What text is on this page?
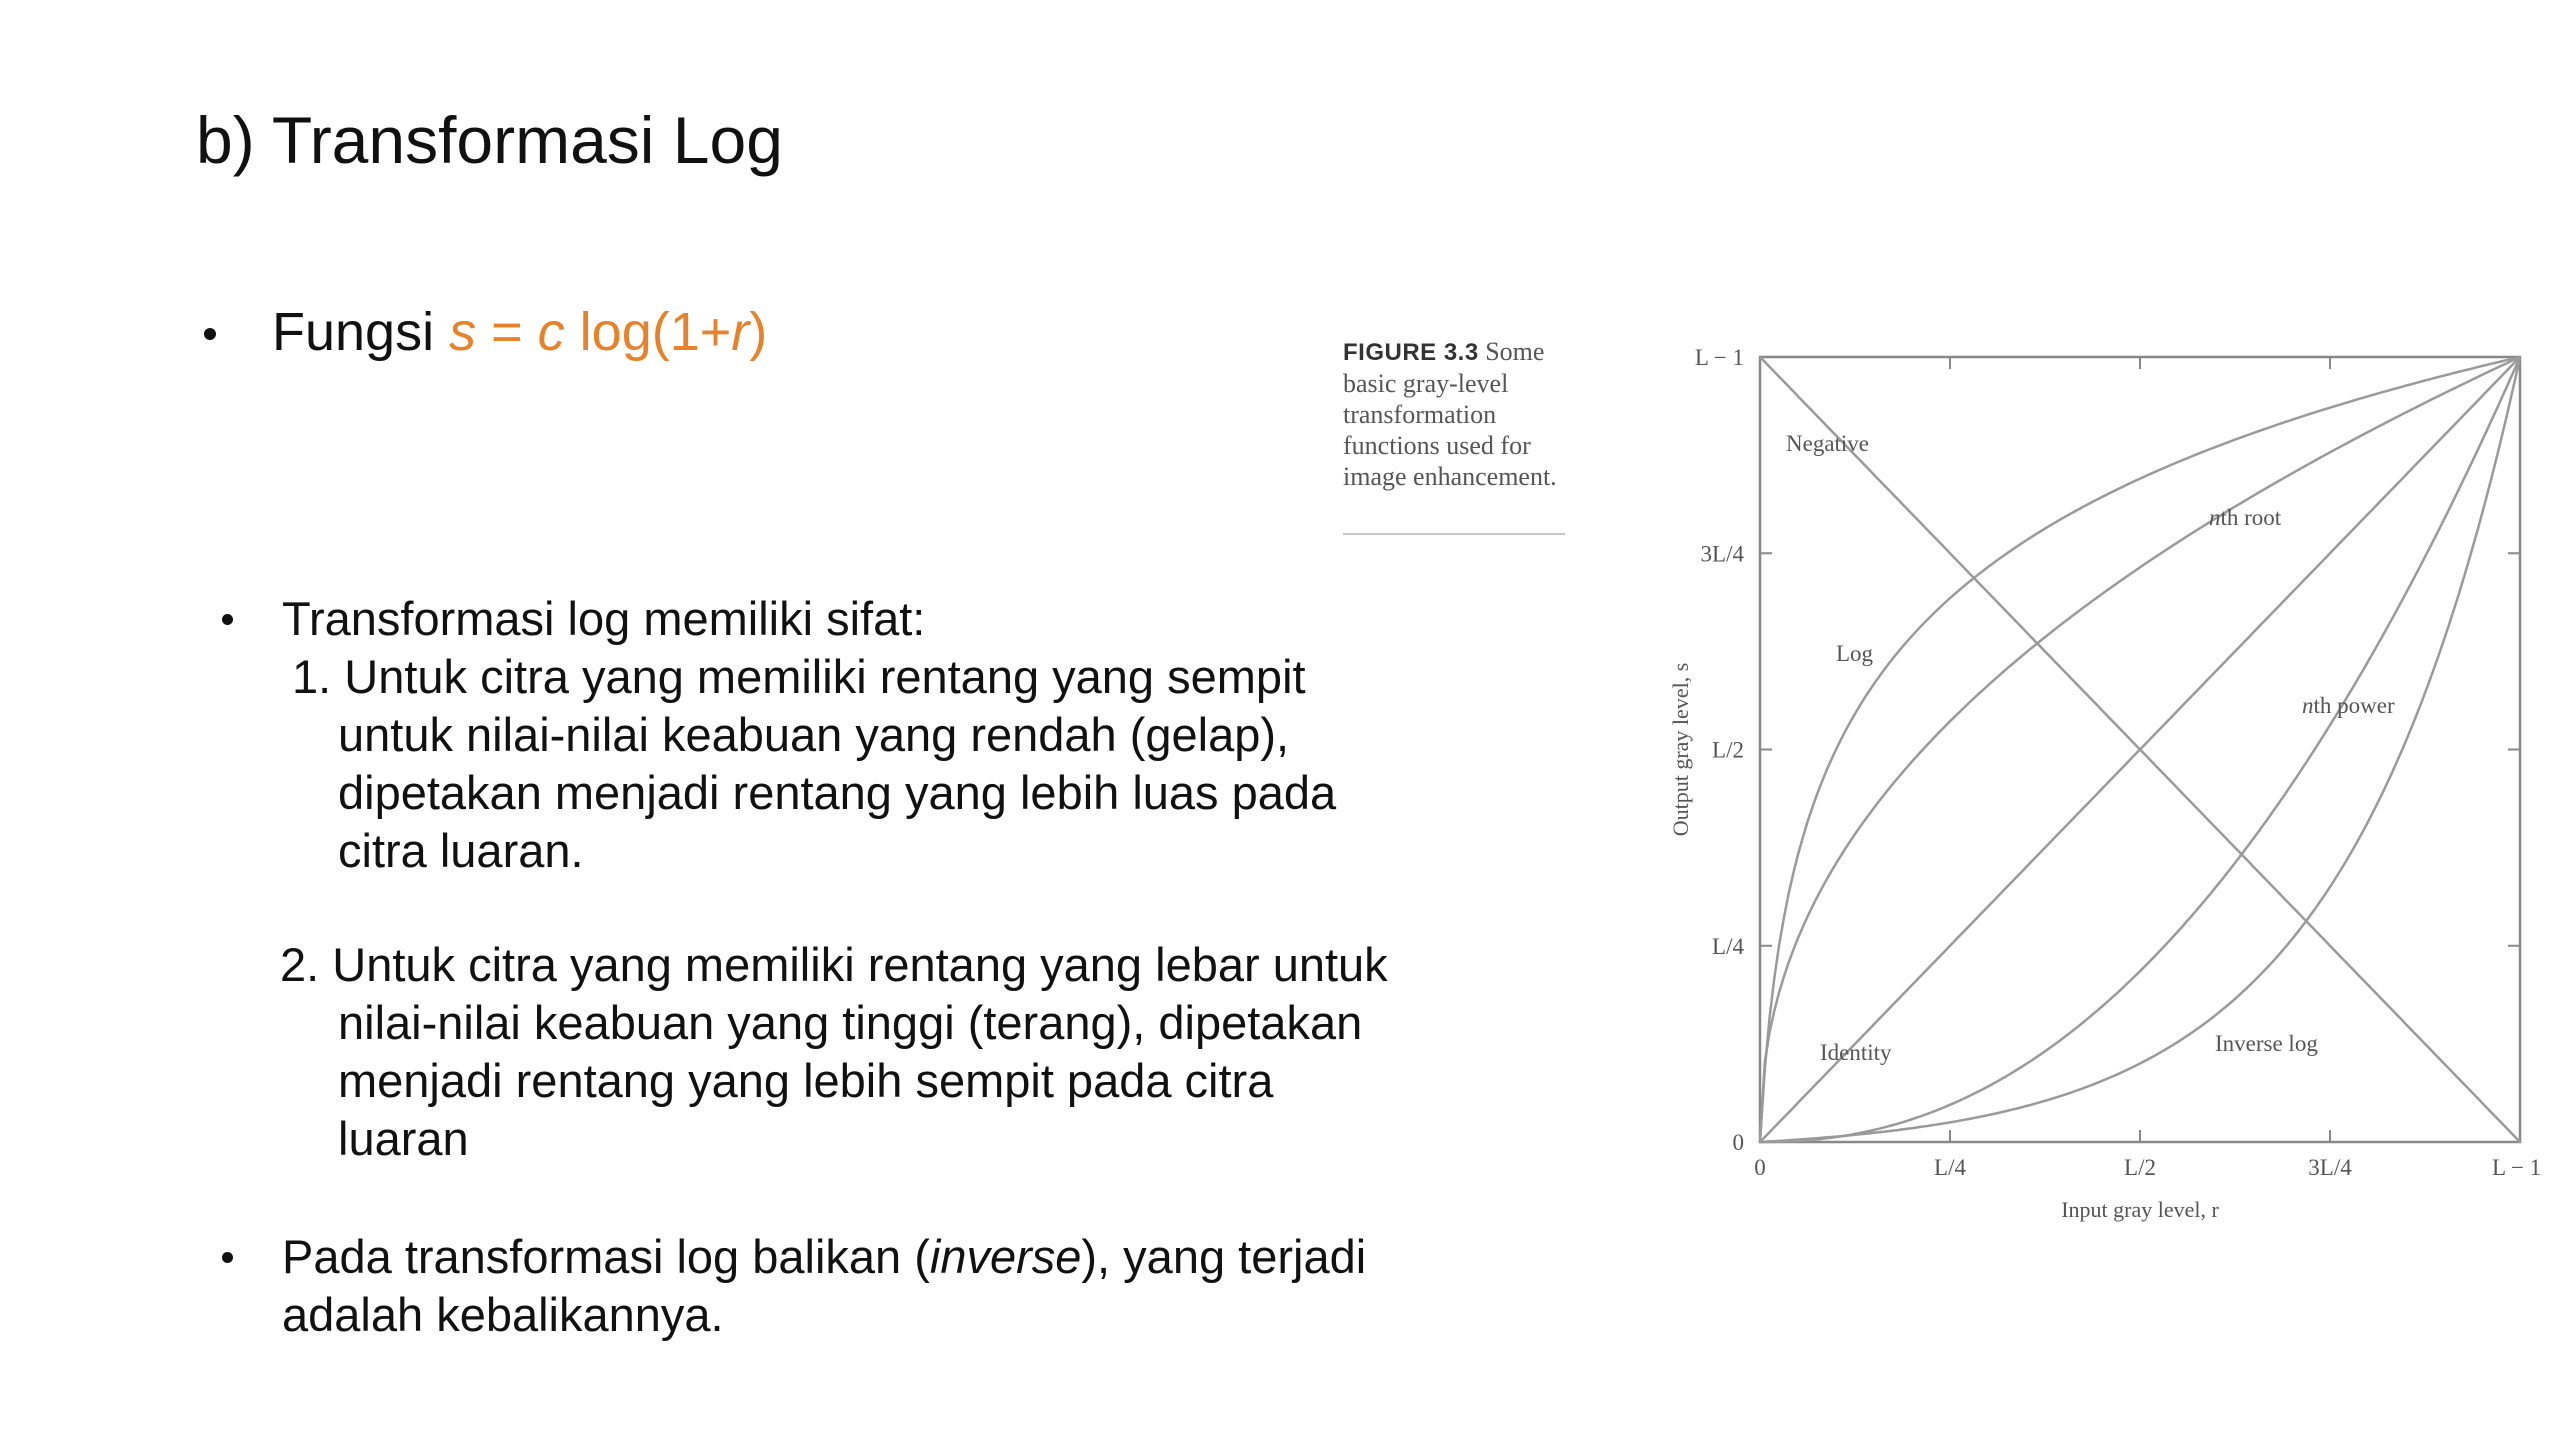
b) Transformasi Log
Fungsi s = c log(1+r)
Transformasi log memiliki sifat:
1. Untuk citra yang memiliki rentang yang sempit
untuk nilai-nilai keabuan yang rendah (gelap),
dipetakan menjadi rentang yang lebih luas pada
citra luaran.
2. Untuk citra yang memiliki rentang yang lebar untuk
nilai-nilai keabuan yang tinggi (terang), dipetakan
menjadi rentang yang lebih sempit pada citra
luaran
Pada transformasi log balikan (inverse), yang terjadi
adalah kebalikannya.
FIGURE 3.3 Some basic gray-level transformation functions used for image enhancement.
0
0
L/4
L/4
L/2
L/2
3L/4
3L/4
L − 1
L − 1
Input gray level, r
Output gray level, s
Negative
Log
nth root
Identity
nth power
Inverse log
